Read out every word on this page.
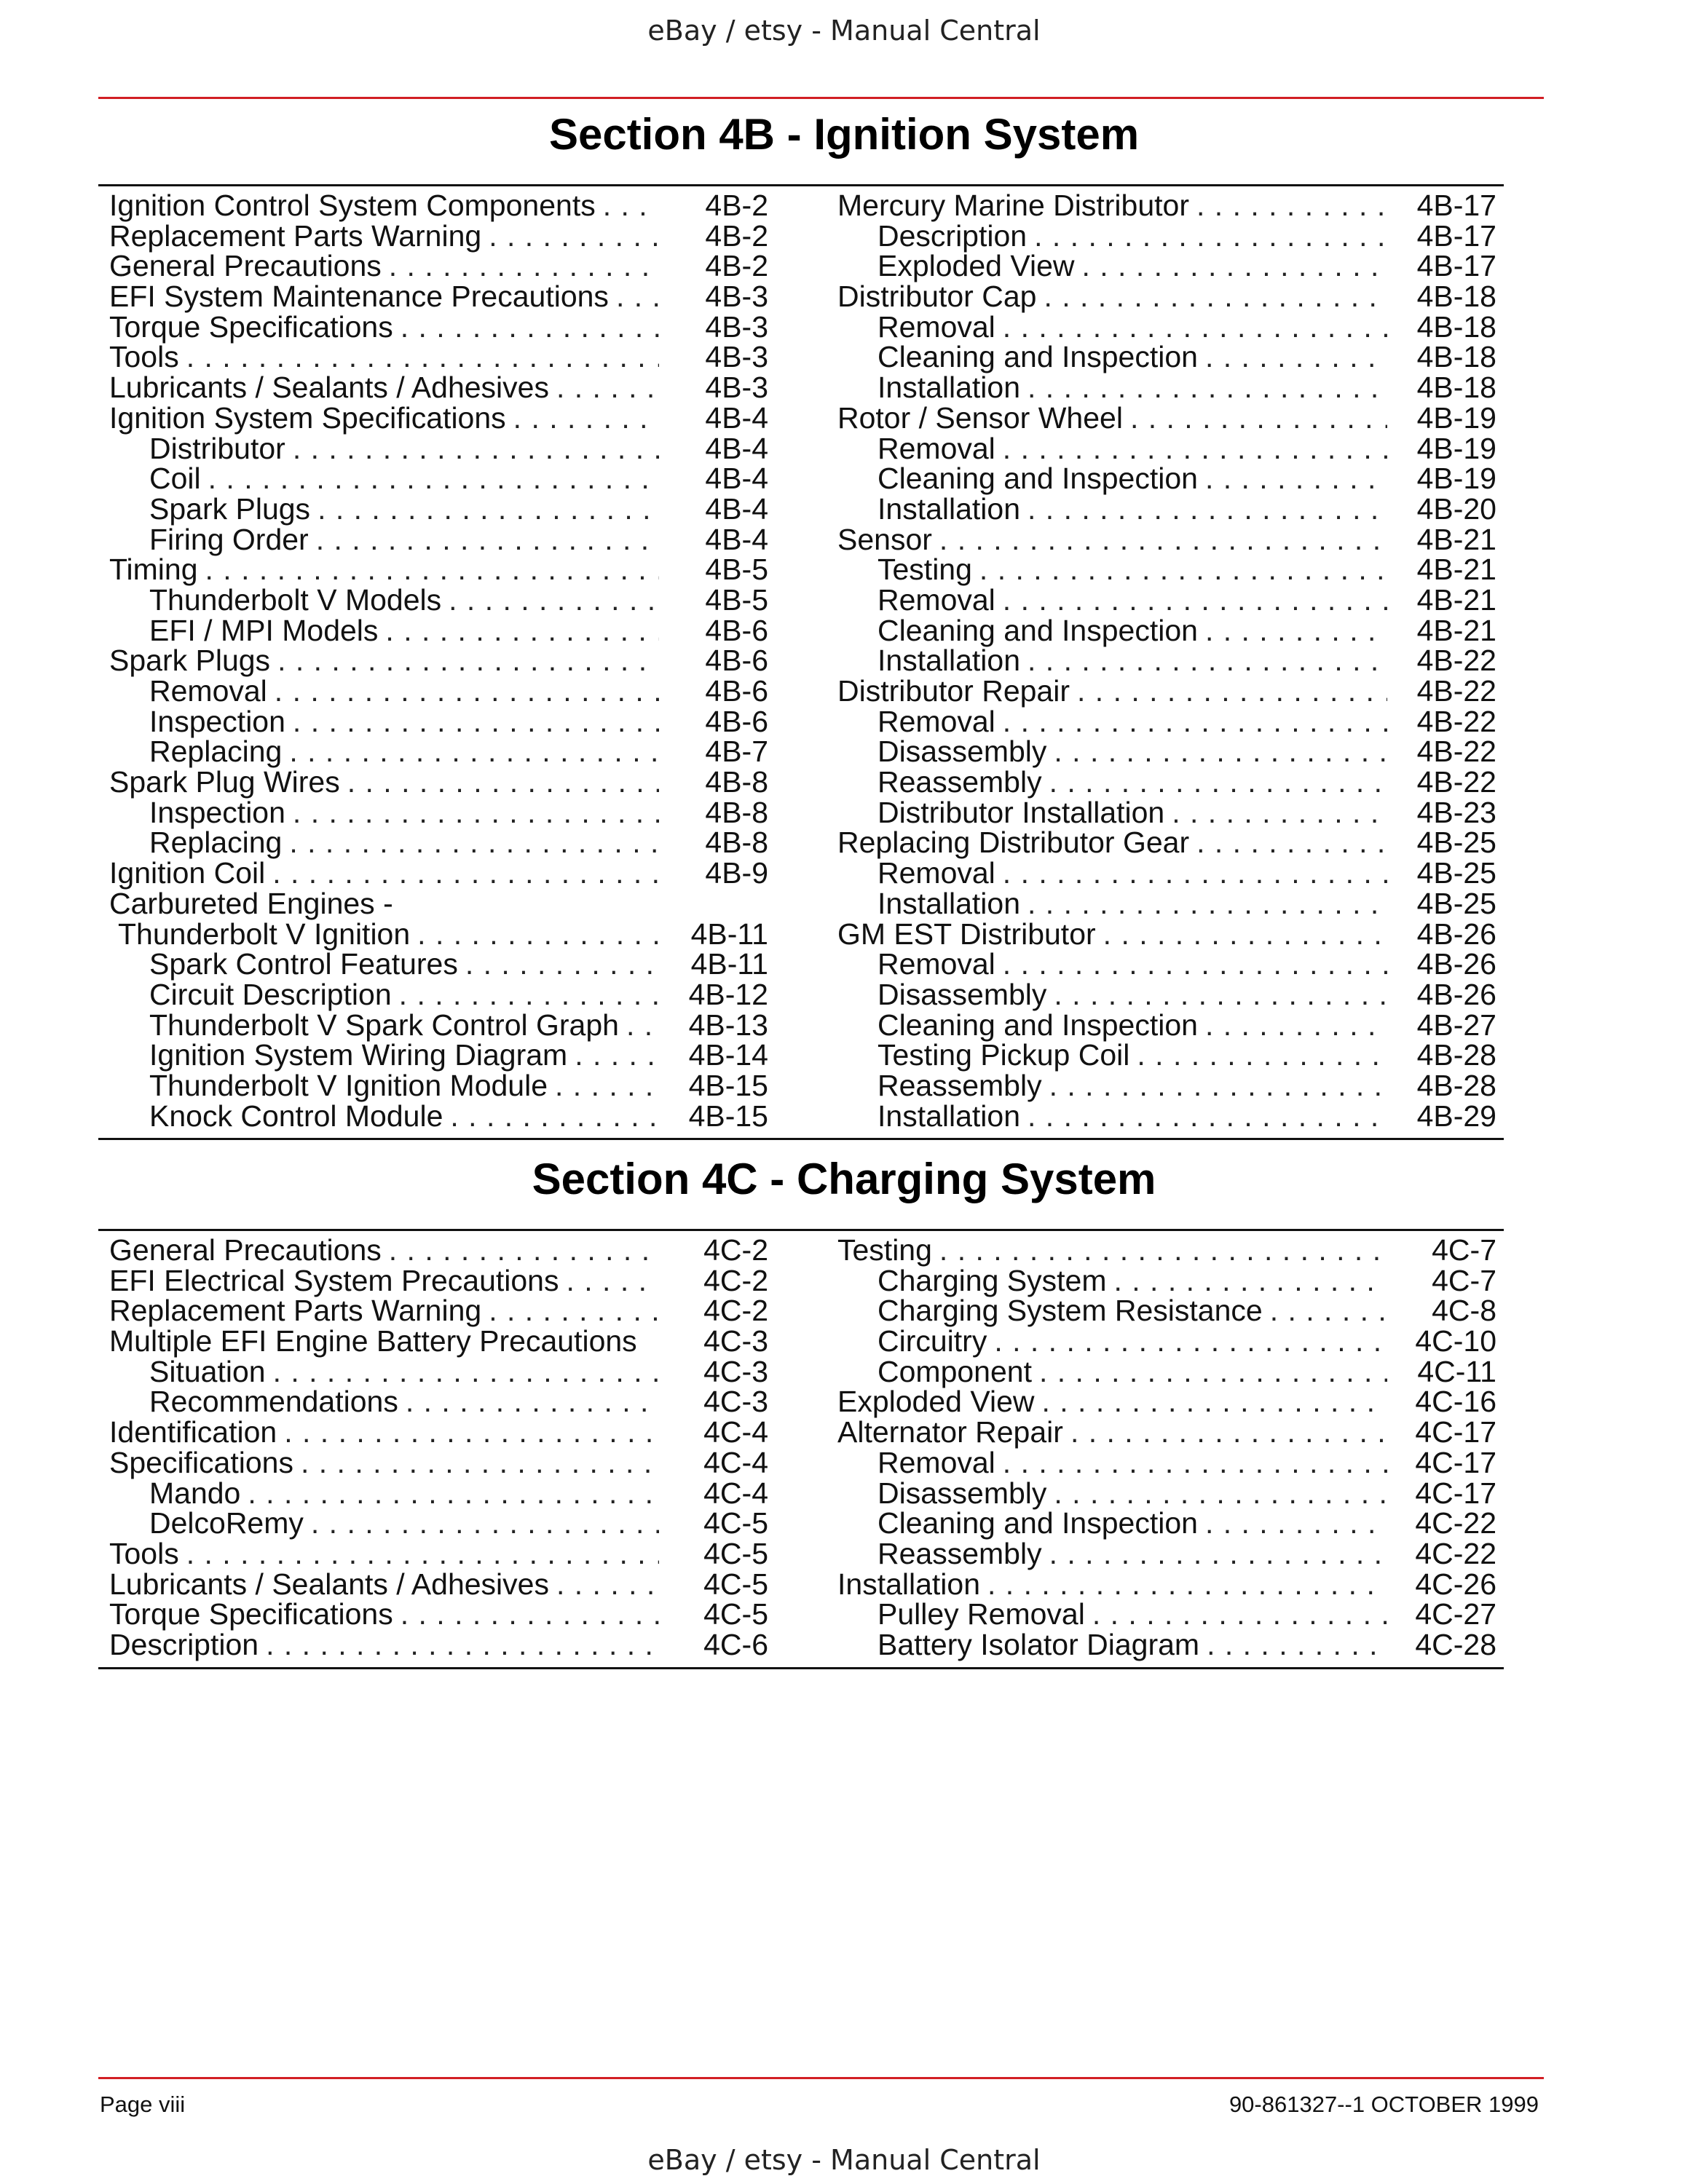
eBay / etsy - Manual Central
Section 4B - Ignition System
Ignition Control System Components . . .	4B-2
Replacement Parts Warning . . .	4B-2
General Precautions . . .	4B-2
EFI System Maintenance Precautions . . .	4B-3
Torque Specifications . . .	4B-3
Tools . . .	4B-3
Lubricants / Sealants / Adhesives . . .	4B-3
Ignition System Specifications . . .	4B-4
Distributor . . .	4B-4
Coil . . .	4B-4
Spark Plugs . . .	4B-4
Firing Order . . .	4B-4
Timing . . .	4B-5
Thunderbolt V Models . . .	4B-5
EFI / MPI Models . . .	4B-6
Spark Plugs . . .	4B-6
Removal . . .	4B-6
Inspection . . .	4B-6
Replacing . . .	4B-7
Spark Plug Wires . . .	4B-8
Inspection . . .	4B-8
Replacing . . .	4B-8
Ignition Coil . . .	4B-9
Carbureted Engines -
Thunderbolt V Ignition . . .	4B-11
Spark Control Features . . .	4B-11
Circuit Description . . .	4B-12
Thunderbolt V Spark Control Graph . . .	4B-13
Ignition System Wiring Diagram . . .	4B-14
Thunderbolt V Ignition Module . . .	4B-15
Knock Control Module . . .	4B-15
Mercury Marine Distributor . . .	4B-17
Description . . .	4B-17
Exploded View . . .	4B-17
Distributor Cap . . .	4B-18
Removal . . .	4B-18
Cleaning and Inspection . . .	4B-18
Installation . . .	4B-18
Rotor / Sensor Wheel . . .	4B-19
Removal . . .	4B-19
Cleaning and Inspection . . .	4B-19
Installation . . .	4B-20
Sensor . . .	4B-21
Testing . . .	4B-21
Removal . . .	4B-21
Cleaning and Inspection . . .	4B-21
Installation . . .	4B-22
Distributor Repair . . .	4B-22
Removal . . .	4B-22
Disassembly . . .	4B-22
Reassembly . . .	4B-22
Distributor Installation . . .	4B-23
Replacing Distributor Gear . . .	4B-25
Removal . . .	4B-25
Installation . . .	4B-25
GM EST Distributor . . .	4B-26
Removal . . .	4B-26
Disassembly . . .	4B-26
Cleaning and Inspection . . .	4B-27
Testing Pickup Coil . . .	4B-28
Reassembly . . .	4B-28
Installation . . .	4B-29
Section 4C - Charging System
General Precautions . . .	4C-2
EFI Electrical System Precautions . . .	4C-2
Replacement Parts Warning . . .	4C-2
Multiple EFI Engine Battery Precautions	4C-3
Situation . . .	4C-3
Recommendations . . .	4C-3
Identification . . .	4C-4
Specifications . . .	4C-4
Mando . . .	4C-4
DelcoRemy . . .	4C-5
Tools . . .	4C-5
Lubricants / Sealants / Adhesives . . .	4C-5
Torque Specifications . . .	4C-5
Description . . .	4C-6
Testing . . .	4C-7
Charging System . . .	4C-7
Charging System Resistance . . .	4C-8
Circuitry . . .	4C-10
Component . . .	4C-11
Exploded View . . .	4C-16
Alternator Repair . . .	4C-17
Removal . . .	4C-17
Disassembly . . .	4C-17
Cleaning and Inspection . . .	4C-22
Reassembly . . .	4C-22
Installation . . .	4C-26
Pulley Removal . . .	4C-27
Battery Isolator Diagram . . .	4C-28
Page viii	90-861327--1 OCTOBER 1999
eBay / etsy - Manual Central
